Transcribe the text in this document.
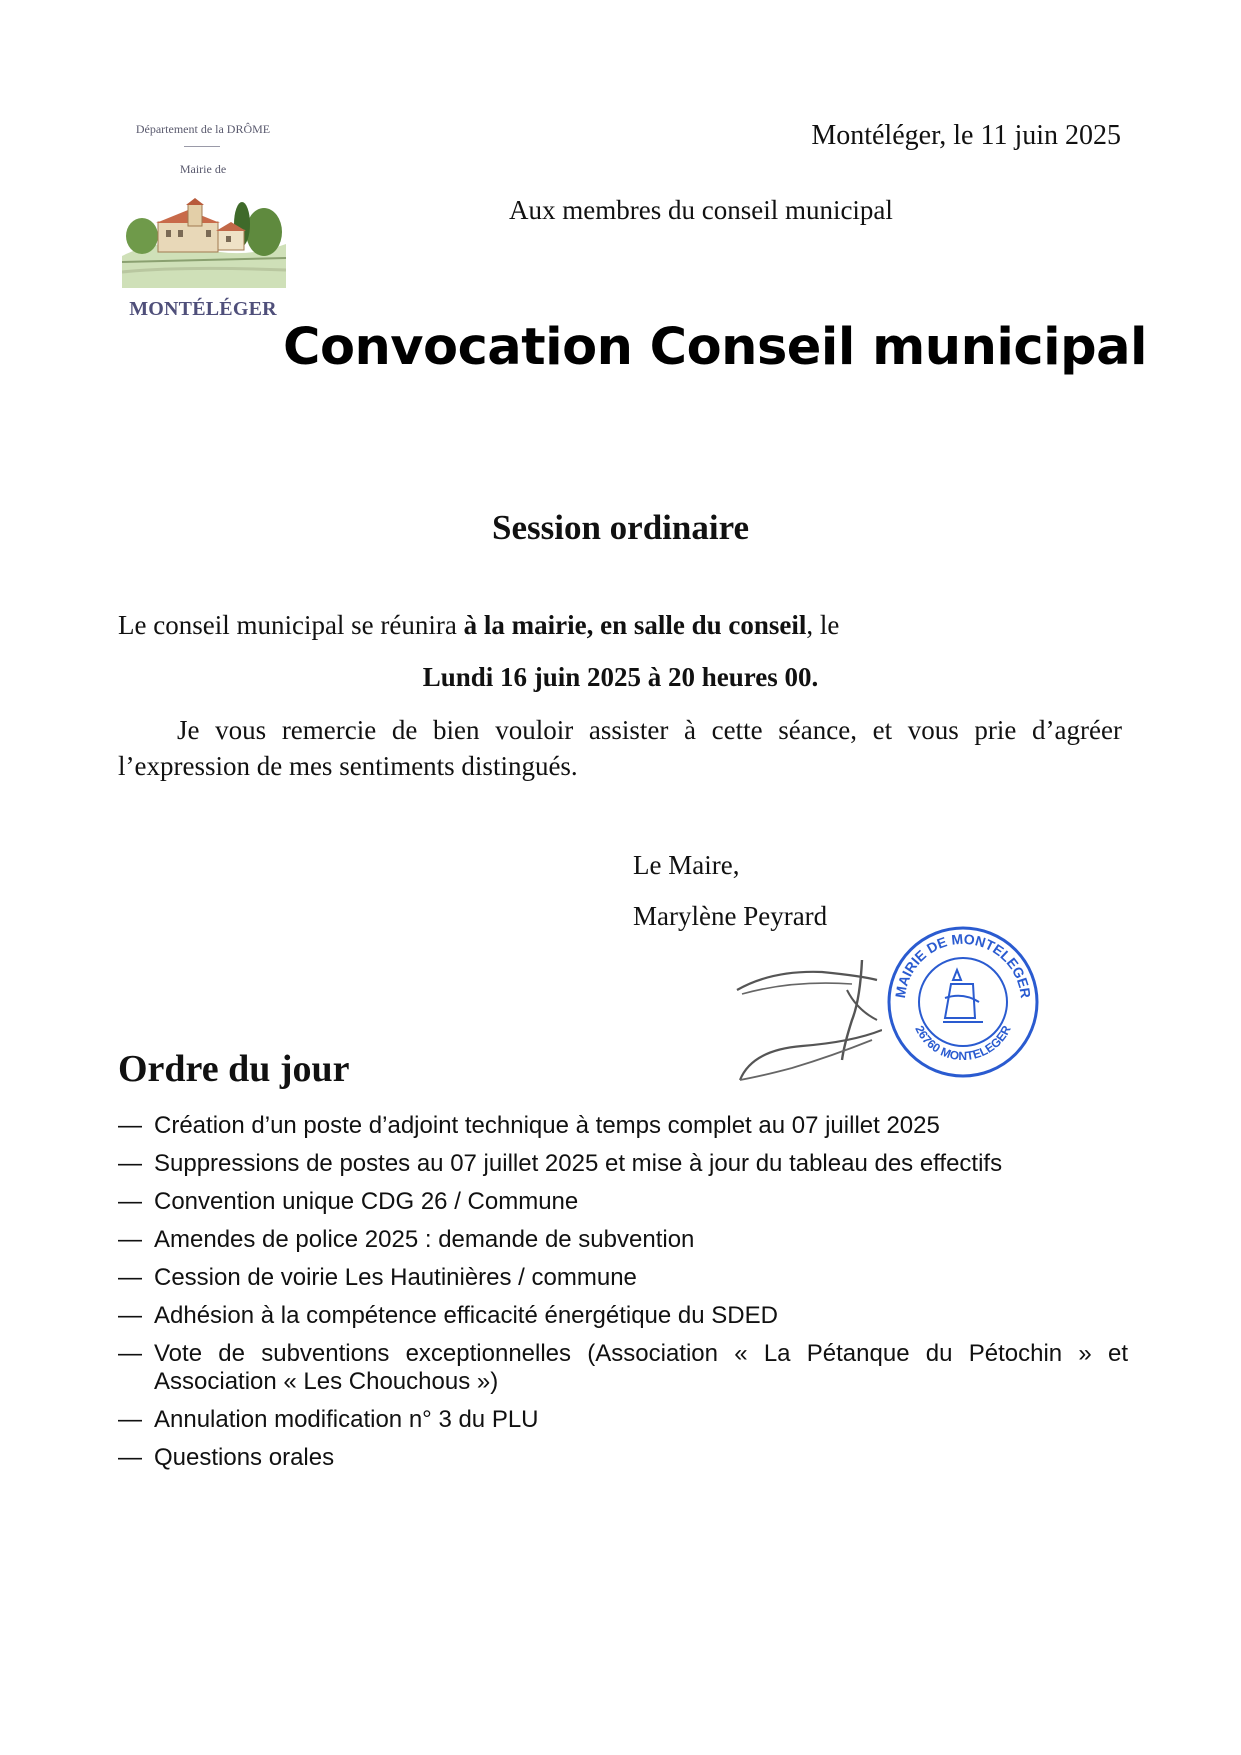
Département de la DRÔME
Mairie de
MONTÉLÉGER
Montéléger, le 11 juin 2025
Aux membres du conseil municipal
Convocation Conseil municipal
Session ordinaire
Le conseil municipal se réunira à la mairie, en salle du conseil, le
Lundi 16 juin 2025 à 20 heures 00.
Je vous remercie de bien vouloir assister à cette séance, et vous prie d’agréer l’expression de mes sentiments distingués.
Le Maire,
Marylène Peyrard
MAIRIE DE MONTELEGER
26760 MONTELEGER
Ordre du jour
— Création d’un poste d’adjoint technique à temps complet au 07 juillet 2025
— Suppressions de postes au 07 juillet 2025 et mise à jour du tableau des effectifs
— Convention unique CDG 26 / Commune
— Amendes de police 2025 : demande de subvention
— Cession de voirie Les Hautinières / commune
— Adhésion à la compétence efficacité énergétique du SDED
— Vote de subventions exceptionnelles (Association « La Pétanque du Pétochin » et Association « Les Chouchous »)
— Annulation modification n° 3 du PLU
— Questions orales
